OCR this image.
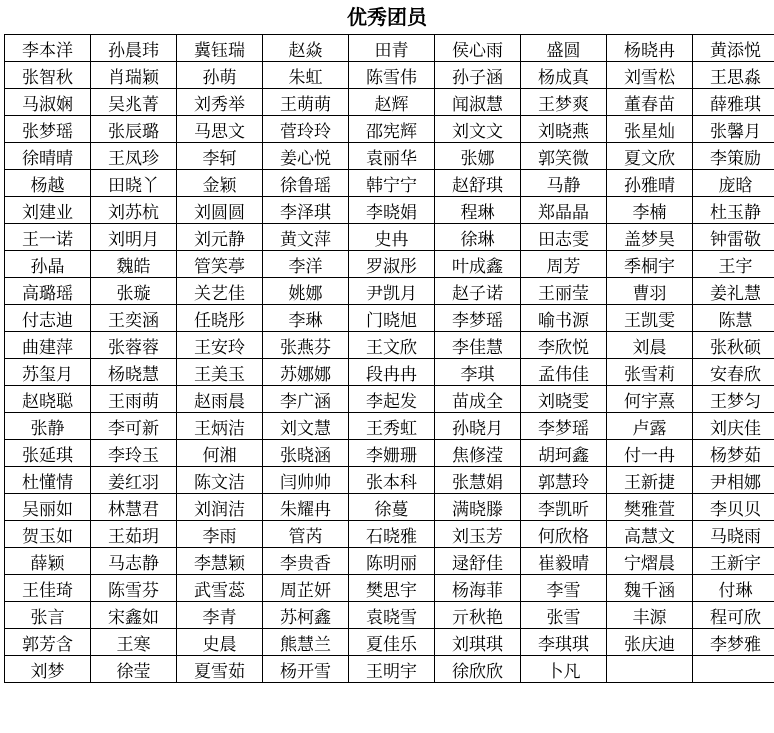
优秀团员
李本洋	孙晨玮	冀钰瑞	赵焱	田青	侯心雨	盛圆	杨晓冉	黄添悦
张智秋	肖瑞颖	孙萌	朱虹	陈雪伟	孙子涵	杨成真	刘雪松	王思淼
马淑娴	吴兆菁	刘秀举	王萌萌	赵辉	闻淑慧	王梦爽	董春苗	薛雅琪
张梦瑶	张辰璐	马思文	菅玲玲	邵宪辉	刘文文	刘晓燕	张星灿	张馨月
徐晴晴	王凤珍	李轲	姜心悦	袁丽华	张娜	郭笑微	夏文欣	李策励
杨越	田晓丫	金颖	徐鲁瑶	韩宁宁	赵舒琪	马静	孙雅晴	庞晗
刘建业	刘苏杭	刘圆圆	李泽琪	李晓娟	程琳	郑晶晶	李楠	杜玉静
王一诺	刘明月	刘元静	黄文萍	史冉	徐琳	田志雯	盖梦昊	钟雷敬
孙晶	魏皓	管笑葶	李洋	罗淑彤	叶成鑫	周芳	季桐宇	王宇
高璐瑶	张璇	关艺佳	姚娜	尹凯月	赵子诺	王丽莹	曹羽	姜礼慧
付志迪	王奕涵	任晓彤	李琳	门晓旭	李梦瑶	喻书源	王凯雯	陈慧
曲建萍	张蓉蓉	王安玲	张燕芬	王文欣	李佳慧	李欣悦	刘晨	张秋硕
苏玺月	杨晓慧	王美玉	苏娜娜	段冉冉	李琪	孟伟佳	张雪莉	安春欣
赵晓聪	王雨萌	赵雨晨	李广涵	李起发	苗成全	刘晓雯	何宇熹	王梦匀
张静	李可新	王炳洁	刘文慧	王秀虹	孙晓月	李梦瑶	卢露	刘庆佳
张延琪	李玲玉	何湘	张晓涵	李姗珊	焦修滢	胡珂鑫	付一冉	杨梦茹
杜懂情	姜红羽	陈文洁	闫帅帅	张本科	张慧娟	郭慧玲	王新捷	尹相娜
吴丽如	林慧君	刘润洁	朱耀冉	徐蔓	满晓滕	李凯昕	樊雅萱	李贝贝
贺玉如	王茹玥	李雨	管芮	石晓雅	刘玉芳	何欣格	高慧文	马晓雨
薛颖	马志静	李慧颖	李贵香	陈明丽	逯舒佳	崔毅晴	宁熠晨	王新宇
王佳琦	陈雪芬	武雪蕊	周芷妍	樊思宇	杨海菲	李雪	魏千涵	付琳
张言	宋鑫如	李青	苏柯鑫	袁晓雪	亓秋艳	张雪	丰源	程可欣
郭芳含	王寒	史晨	熊慧兰	夏佳乐	刘琪琪	李琪琪	张庆迪	李梦雅
刘梦	徐莹	夏雪茹	杨开雪	王明宇	徐欣欣	卜凡		
